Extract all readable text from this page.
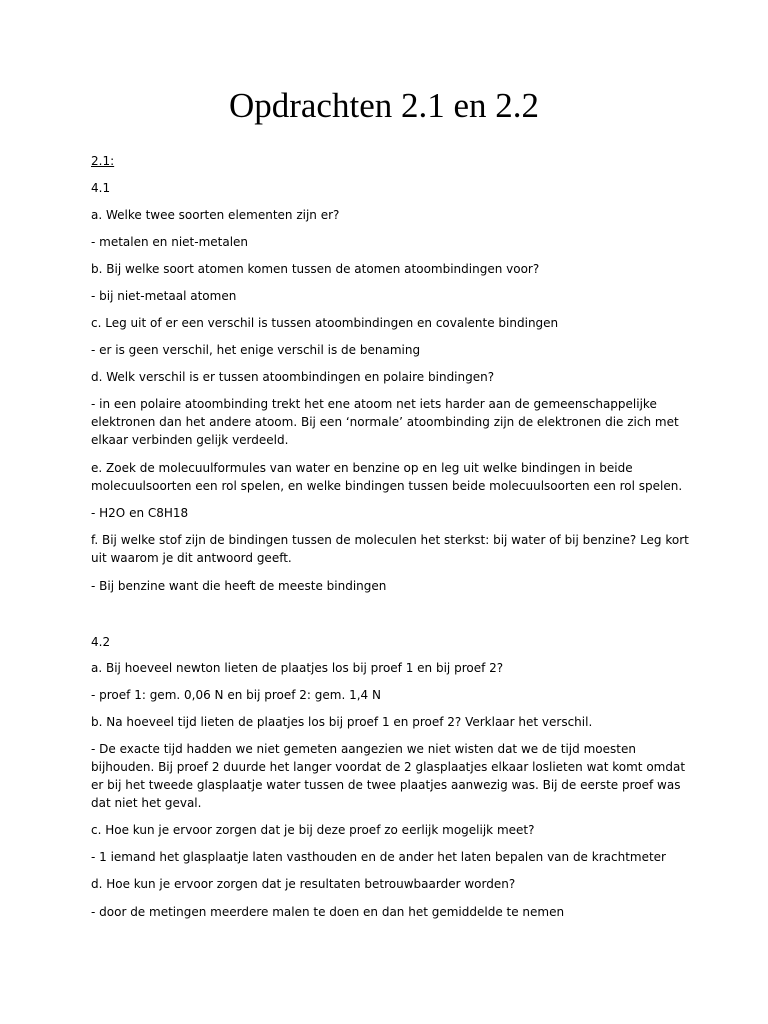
Opdrachten 2.1 en 2.2

2.1:

4.1

a. Welke twee soorten elementen zijn er?

- metalen en niet-metalen

b. Bij welke soort atomen komen tussen de atomen atoombindingen voor?

- bij niet-metaal atomen

c. Leg uit of er een verschil is tussen atoombindingen en covalente bindingen

- er is geen verschil, het enige verschil is de benaming

d. Welk verschil is er tussen atoombindingen en polaire bindingen?

- in een polaire atoombinding trekt het ene atoom net iets harder aan de gemeenschappelijke elektronen dan het andere atoom. Bij een ‘normale’ atoombinding zijn de elektronen die zich met elkaar verbinden gelijk verdeeld.

e. Zoek de molecuulformules van water en benzine op en leg uit welke bindingen in beide molecuulsoorten een rol spelen, en welke bindingen tussen beide molecuulsoorten een rol spelen.

- H2O en C8H18

f. Bij welke stof zijn de bindingen tussen de moleculen het sterkst: bij water of bij benzine? Leg kort uit waarom je dit antwoord geeft.

- Bij benzine want die heeft de meeste bindingen

4.2

a. Bij hoeveel newton lieten de plaatjes los bij proef 1 en bij proef 2?

- proef 1: gem. 0,06 N en bij proef 2: gem. 1,4 N

b. Na hoeveel tijd lieten de plaatjes los bij proef 1 en proef 2? Verklaar het verschil.

- De exacte tijd hadden we niet gemeten aangezien we niet wisten dat we de tijd moesten bijhouden. Bij proef 2 duurde het langer voordat de 2 glasplaatjes elkaar loslieten wat komt omdat er bij het tweede glasplaatje water tussen de twee plaatjes aanwezig was. Bij de eerste proef was dat niet het geval.

c. Hoe kun je ervoor zorgen dat je bij deze proef zo eerlijk mogelijk meet?

- 1 iemand het glasplaatje laten vasthouden en de ander het laten bepalen van de krachtmeter

d. Hoe kun je ervoor zorgen dat je resultaten betrouwbaarder worden?

- door de metingen meerdere malen te doen en dan het gemiddelde te nemen
